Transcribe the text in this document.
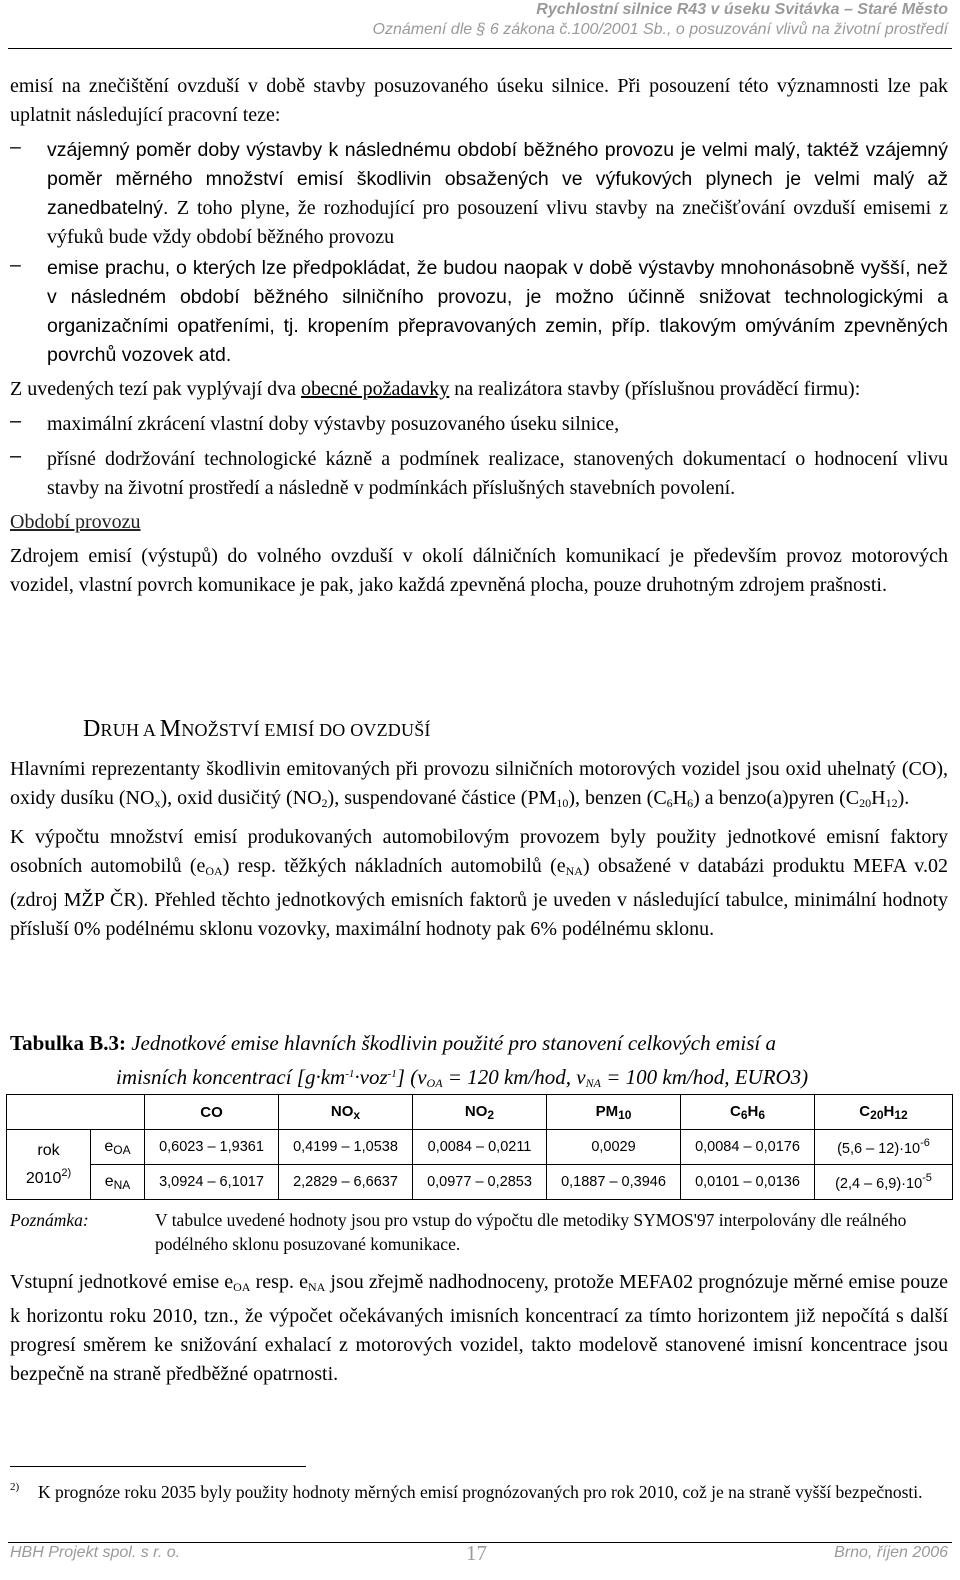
Rychlostní silnice R43 v úseku Svitávka – Staré Město
Oznámení dle § 6 zákona č.100/2001 Sb., o posuzování vlivů na životní prostředí

emisí na znečištění ovzduší v době stavby posuzovaného úseku silnice. Při posouzení této významnosti lze pak uplatnit následující pracovní teze:

–	vzájemný poměr doby výstavby k následnému období běžného provozu je velmi malý, taktéž vzájemný poměr měrného množství emisí škodlivin obsažených ve výfukových plynech je velmi malý až zanedbatelný. Z toho plyne, že rozhodující pro posouzení vlivu stavby na znečišťování ovzduší emisemi z výfuků bude vždy období běžného provozu
–	emise prachu, o kterých lze předpokládat, že budou naopak v době výstavby mnohonásobně vyšší, než v následném období běžného silničního provozu, je možno účinně snižovat technologickými a organizačními opatřeními, tj. kropením přepravovaných zemin, příp. tlakovým omýváním zpevněných povrchů vozovek atd.

Z uvedených tezí pak vyplývají dva obecné požadavky na realizátora stavby (příslušnou prováděcí firmu):

–	maximální zkrácení vlastní doby výstavby posuzovaného úseku silnice,
–	přísné dodržování technologické kázně a podmínek realizace, stanovených dokumentací o hodnocení vlivu stavby na životní prostředí a následně v podmínkách příslušných stavebních povolení.

Období provozu

Zdrojem emisí (výstupů) do volného ovzduší v okolí dálničních komunikací je především provoz motorových vozidel, vlastní povrch komunikace je pak, jako každá zpevněná plocha, pouze druhotným zdrojem prašnosti.

DRUH A MNOŽSTVÍ EMISÍ DO OVZDUŠÍ

Hlavními reprezentanty škodlivin emitovaných při provozu silničních motorových vozidel jsou oxid uhelnatý (CO), oxidy dusíku $(NO_x)$, oxid dusičitý $(NO_2)$, suspendované částice $(PM_{10})$, benzen $(C_6H_6)$ a benzo(a)pyren $(C_{20}H_{12})$.

K výpočtu množství emisí produkovaných automobilovým provozem byly použity jednotkové emisní faktory osobních automobilů $(e_{OA})$ resp. těžkých nákladních automobilů $(e_{NA})$ obsažené v databázi produktu MEFA v.02 (zdroj MŽP ČR). Přehled těchto jednotkových emisních faktorů je uveden v následující tabulce, minimální hodnoty přísluší 0% podélnému sklonu vozovky, maximální hodnoty pak 6% podélnému sklonu.

Tabulka B.3: Jednotkové emise hlavních škodlivin použité pro stanovení celkových emisí a
imisních koncentrací $[g\cdot km^{-1}\cdot voz^{-1}] (v_{OA} = 120$ km/hod, $v_{NA} = 100$ km/hod, EURO3)
		CO	$NO_x$	$NO_2$	$PM_{10}$	$C_6H_6$	$C_{20}H_{12}$

rok
2010$^{2)}$	$e_{OA}$	0,6023 – 1,9361	0,4199 – 1,0538	0,0084 – 0,0211	0,0029	0,0084 – 0,0176	$(5,6 - 12)\cdot 10^{-6}$
	$e_{NA}$	3,0924 – 6,1017	2,2829 – 6,6637	0,0977 – 0,2853	0,1887 – 0,3946	0,0101 – 0,0136	$(2,4 - 6,9)\cdot 10^{-5}$
Poznámka:	V tabulce uvedené hodnoty jsou pro vstup do výpočtu dle metodiky SYMOS'97 interpolovány dle reálného podélného sklonu posuzované komunikace.

Vstupní jednotkové emise $e_{OA}$ resp. $e_{NA}$ jsou zřejmě nadhodnoceny, protože MEFA02 prognózuje měrné emise pouze k horizontu roku 2010, tzn., že výpočet očekávaných imisních koncentrací za tímto horizontem již nepočítá s další progresí směrem ke snižování exhalací z motorových vozidel, takto modelově stanovené imisní koncentrace jsou bezpečně na straně předběžné opatrnosti.

2)	K prognóze roku 2035 byly použity hodnoty měrných emisí prognózovaných pro rok 2010, což je na straně vyšší bezpečnosti.
HBH Projekt spol. s r. o.	17	Brno, říjen 2006
